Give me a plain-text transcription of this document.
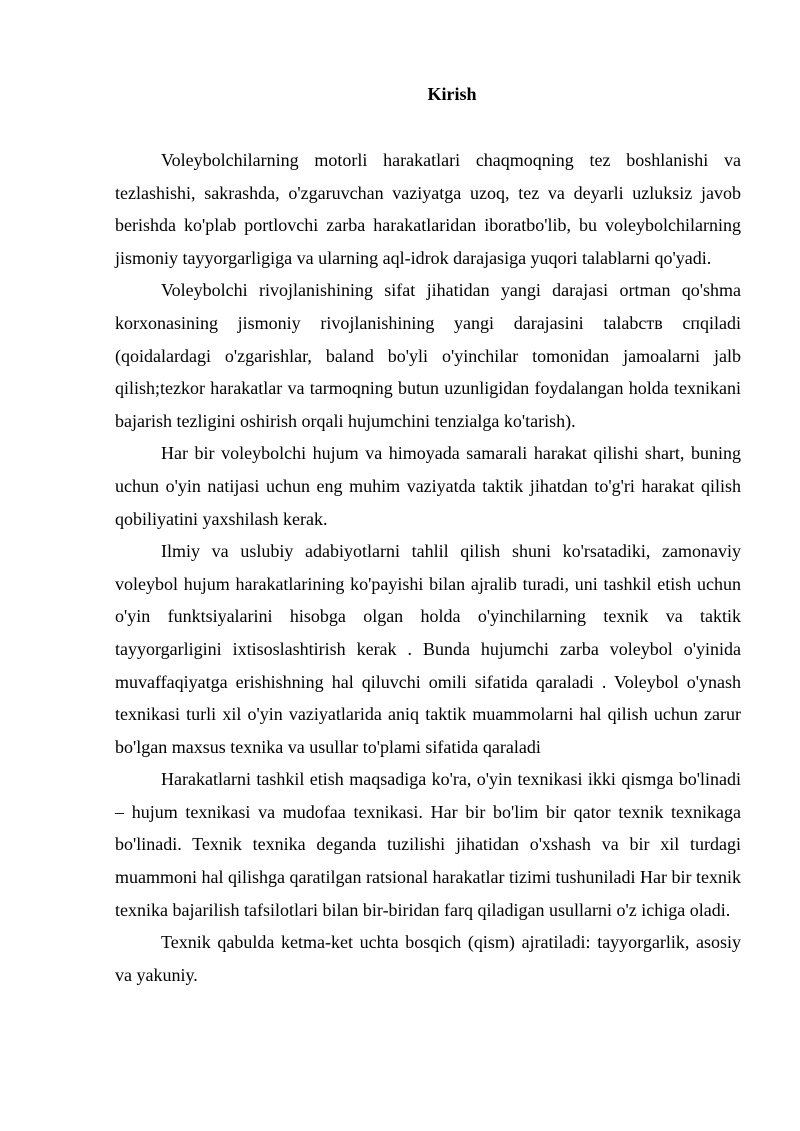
Kirish

Voleybolchilarning motorli harakatlari chaqmoqning tez boshlanishi va tezlashishi, sakrashda, o'zgaruvchan vaziyatga uzoq, tez va deyarli uzluksiz javob berishda ko'plab portlovchi zarba harakatlaridan iboratbo'lib, bu voleybolchilarning jismoniy tayyorgarligiga va ularning aql-idrok darajasiga yuqori talablarni qo'yadi.

Voleybolchi rivojlanishining sifat jihatidan yangi darajasi ortman qo'shma korxonasining jismoniy rivojlanishining yangi darajasini talabств спqiladi (qoidalardagi o'zgarishlar, baland bo'yli o'yinchilar tomonidan jamoalarni jalb qilish;tezkor harakatlar va tarmoqning butun uzunligidan foydalangan holda texnikani bajarish tezligini oshirish orqali hujumchini tenzialga ko'tarish).

Har bir voleybolchi hujum va himoyada samarali harakat qilishi shart, buning uchun o'yin natijasi uchun eng muhim vaziyatda taktik jihatdan to'g'ri harakat qilish qobiliyatini yaxshilash kerak.

Ilmiy va uslubiy adabiyotlarni tahlil qilish shuni ko'rsatadiki, zamonaviy voleybol hujum harakatlarining ko'payishi bilan ajralib turadi, uni tashkil etish uchun o'yin funktsiyalarini hisobga olgan holda o'yinchilarning texnik va taktik tayyorgarligini ixtisoslashtirish kerak . Bunda hujumchi zarba voleybol o'yinida muvaffaqiyatga erishishning hal qiluvchi omili sifatida qaraladi . Voleybol o'ynash texnikasi turli xil o'yin vaziyatlarida aniq taktik muammolarni hal qilish uchun zarur bo'lgan maxsus texnika va usullar to'plami sifatida qaraladi

Harakatlarni tashkil etish maqsadiga ko'ra, o'yin texnikasi ikki qismga bo'linadi – hujum texnikasi va mudofaa texnikasi. Har bir bo'lim bir qator texnik texnikaga bo'linadi. Texnik texnika deganda tuzilishi jihatidan o'xshash va bir xil turdagi muammoni hal qilishga qaratilgan ratsional harakatlar tizimi tushuniladi Har bir texnik texnika bajarilish tafsilotlari bilan bir-biridan farq qiladigan usullarni o'z ichiga oladi.

Texnik qabulda ketma-ket uchta bosqich (qism) ajratiladi: tayyorgarlik, asosiy va yakuniy.
